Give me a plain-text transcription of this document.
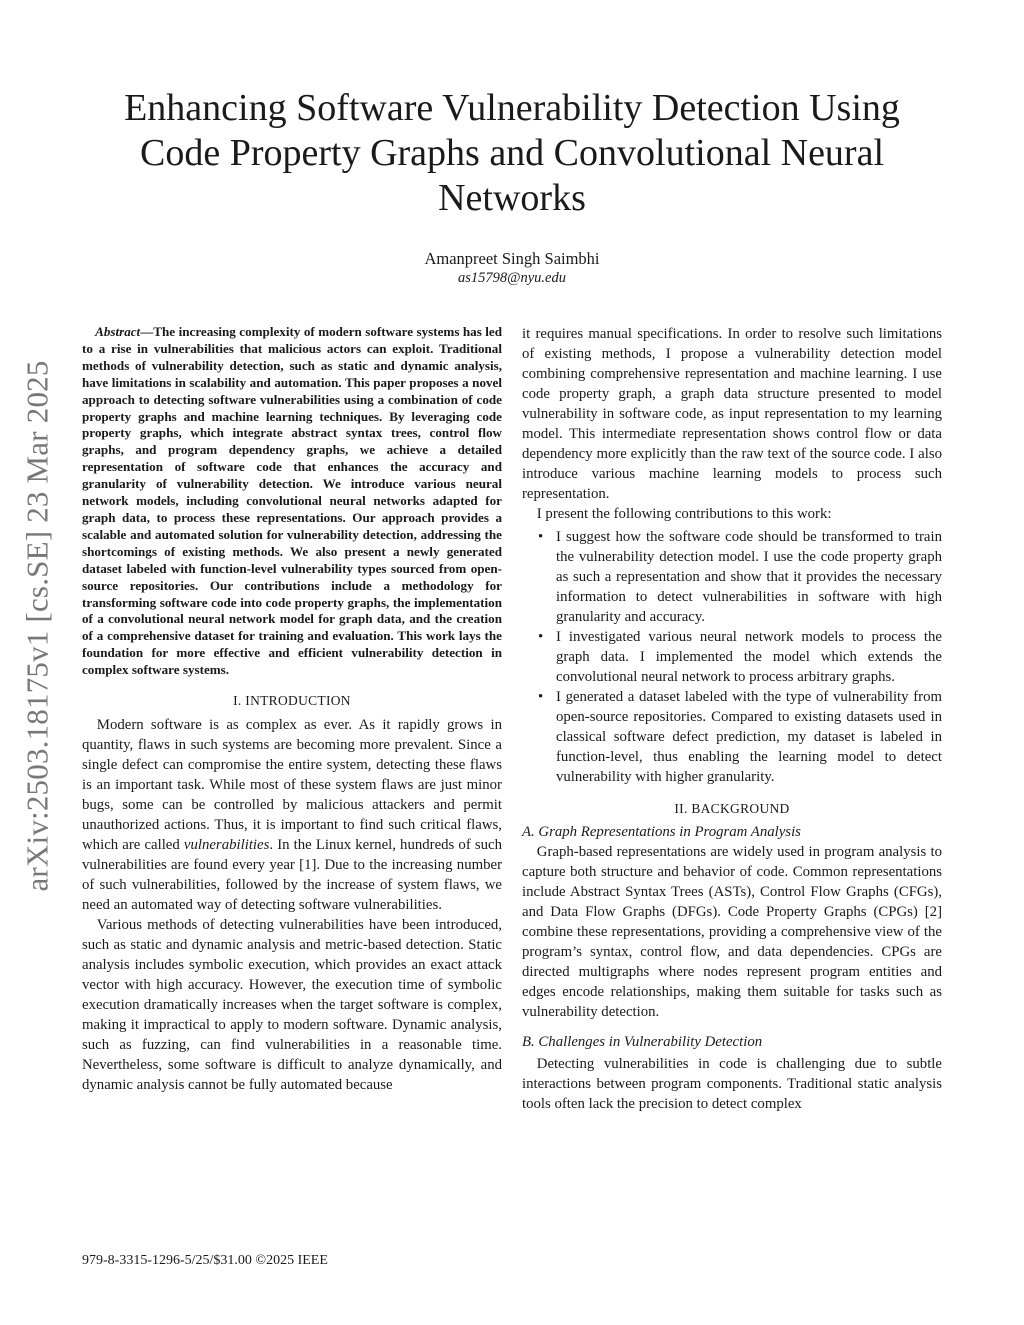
arXiv:2503.18175v1 [cs.SE] 23 Mar 2025
Enhancing Software Vulnerability Detection Using Code Property Graphs and Convolutional Neural Networks
Amanpreet Singh Saimbhi
as15798@nyu.edu

Abstract—The increasing complexity of modern software systems has led to a rise in vulnerabilities that malicious actors can exploit. Traditional methods of vulnerability detection, such as static and dynamic analysis, have limitations in scalability and automation. This paper proposes a novel approach to detecting software vulnerabilities using a combination of code property graphs and machine learning techniques. By leveraging code property graphs, which integrate abstract syntax trees, control flow graphs, and program dependency graphs, we achieve a detailed representation of software code that enhances the accuracy and granularity of vulnerability detection. We introduce various neural network models, including convolutional neural networks adapted for graph data, to process these representations. Our approach provides a scalable and automated solution for vulnerability detection, addressing the shortcomings of existing methods. We also present a newly generated dataset labeled with function-level vulnerability types sourced from open-source repositories. Our contributions include a methodology for transforming software code into code property graphs, the implementation of a convolutional neural network model for graph data, and the creation of a comprehensive dataset for training and evaluation. This work lays the foundation for more effective and efficient vulnerability detection in complex software systems.

I. INTRODUCTION

Modern software is as complex as ever. As it rapidly grows in quantity, flaws in such systems are becoming more prevalent. Since a single defect can compromise the entire system, detecting these flaws is an important task. While most of these system flaws are just minor bugs, some can be controlled by malicious attackers and permit unauthorized actions. Thus, it is important to find such critical flaws, which are called vulnerabilities. In the Linux kernel, hundreds of such vulnerabilities are found every year [1]. Due to the increasing number of such vulnerabilities, followed by the increase of system flaws, we need an automated way of detecting software vulnerabilities.

Various methods of detecting vulnerabilities have been introduced, such as static and dynamic analysis and metric-based detection. Static analysis includes symbolic execution, which provides an exact attack vector with high accuracy. However, the execution time of symbolic execution dramatically increases when the target software is complex, making it impractical to apply to modern software. Dynamic analysis, such as fuzzing, can find vulnerabilities in a reasonable time. Nevertheless, some software is difficult to analyze dynamically, and dynamic analysis cannot be fully automated because

it requires manual specifications. In order to resolve such limitations of existing methods, I propose a vulnerability detection model combining comprehensive representation and machine learning. I use code property graph, a graph data structure presented to model vulnerability in software code, as input representation to my learning model. This intermediate representation shows control flow or data dependency more explicitly than the raw text of the source code. I also introduce various machine learning models to process such representation.

I present the following contributions to this work:

• I suggest how the software code should be transformed to train the vulnerability detection model. I use the code property graph as such a representation and show that it provides the necessary information to detect vulnerabilities in software with high granularity and accuracy.
• I investigated various neural network models to process the graph data. I implemented the model which extends the convolutional neural network to process arbitrary graphs.
• I generated a dataset labeled with the type of vulnerability from open-source repositories. Compared to existing datasets used in classical software defect prediction, my dataset is labeled in function-level, thus enabling the learning model to detect vulnerability with higher granularity.
II. BACKGROUND
A. Graph Representations in Program Analysis

Graph-based representations are widely used in program analysis to capture both structure and behavior of code. Common representations include Abstract Syntax Trees (ASTs), Control Flow Graphs (CFGs), and Data Flow Graphs (DFGs). Code Property Graphs (CPGs) [2] combine these representations, providing a comprehensive view of the program’s syntax, control flow, and data dependencies. CPGs are directed multigraphs where nodes represent program entities and edges encode relationships, making them suitable for tasks such as vulnerability detection.

B. Challenges in Vulnerability Detection

Detecting vulnerabilities in code is challenging due to subtle interactions between program components. Traditional static analysis tools often lack the precision to detect complex

979-8-3315-1296-5/25/$31.00 ©2025 IEEE
